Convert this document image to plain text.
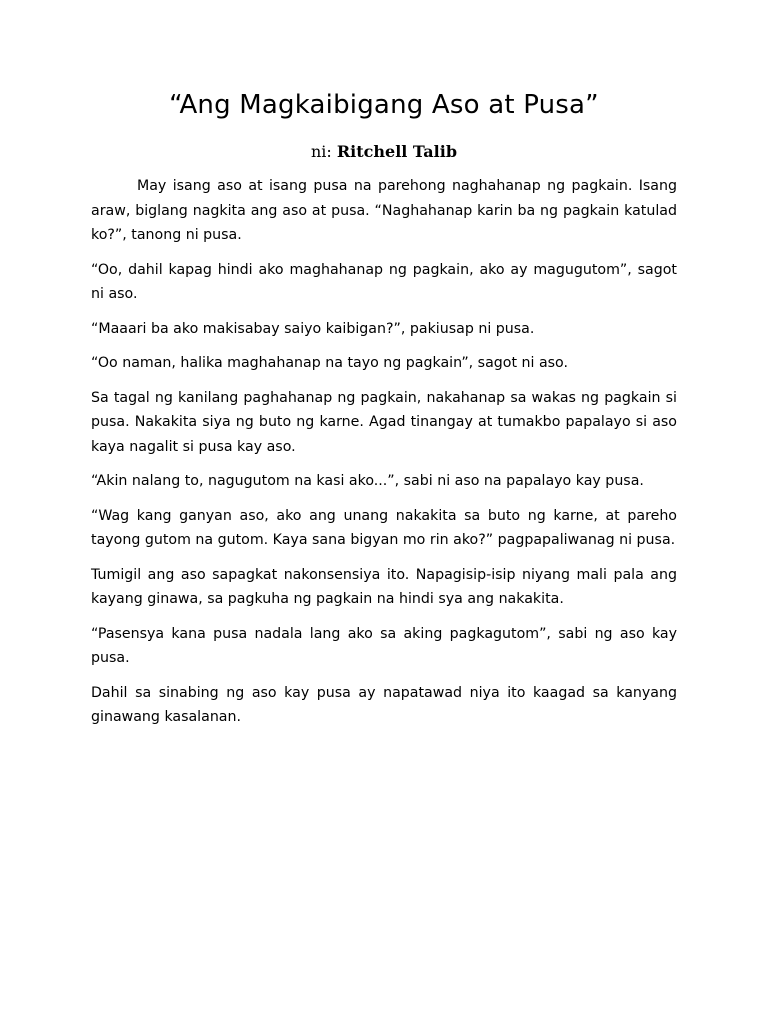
“Ang Magkaibigang Aso at Pusa”
ni: Ritchell Talib

May isang aso at isang pusa na parehong naghahanap ng pagkain. Isang araw, biglang nagkita ang aso at pusa. “Naghahanap karin ba ng pagkain katulad ko?”, tanong ni pusa.

“Oo, dahil kapag hindi ako maghahanap ng pagkain, ako ay magugutom”, sagot ni aso.

“Maaari ba ako makisabay saiyo kaibigan?”, pakiusap ni pusa.

“Oo naman, halika maghahanap na tayo ng pagkain”, sagot ni aso.

Sa tagal ng kanilang paghahanap ng pagkain, nakahanap sa wakas ng pagkain si pusa. Nakakita siya ng buto ng karne. Agad tinangay at tumakbo papalayo si aso kaya nagalit si pusa kay aso.

“Akin nalang to, nagugutom na kasi ako...”, sabi ni aso na papalayo kay pusa.

“Wag kang ganyan aso, ako ang unang nakakita sa buto ng karne, at pareho tayong gutom na gutom. Kaya sana bigyan mo rin ako?” pagpapaliwanag ni pusa.

Tumigil ang aso sapagkat nakonsensiya ito. Napagisip-isip niyang mali pala ang kayang ginawa, sa pagkuha ng pagkain na hindi sya ang nakakita.

“Pasensya kana pusa nadala lang ako sa aking pagkagutom”, sabi ng aso kay pusa.

Dahil sa sinabing ng aso kay pusa ay napatawad niya ito kaagad sa kanyang ginawang kasalanan.
